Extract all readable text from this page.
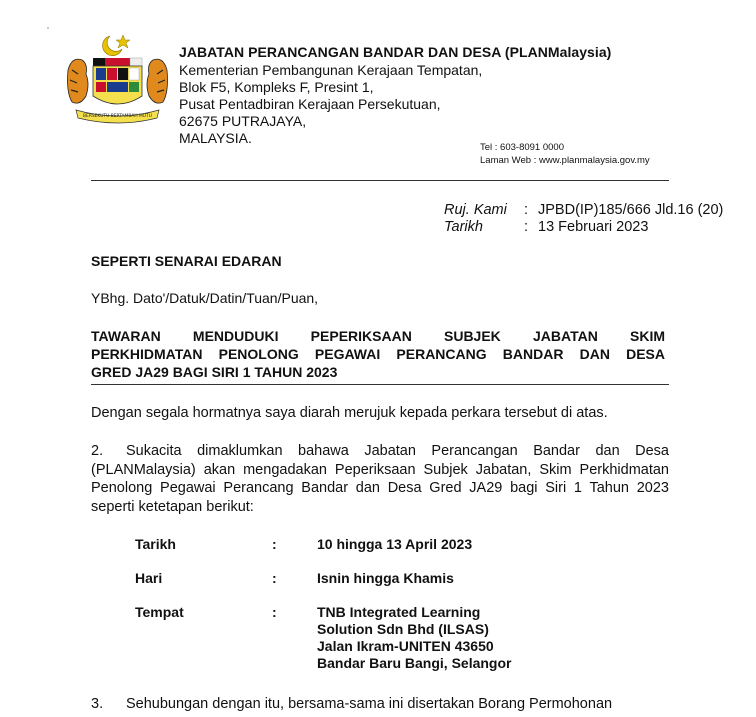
BERSEKUTU BERTAMBAH MUTU
JABATAN PERANCANGAN BANDAR DAN DESA (PLANMalaysia)
Kementerian Pembangunan Kerajaan Tempatan,
Blok F5, Kompleks F, Presint 1,
Pusat Pentadbiran Kerajaan Persekutuan,
62675 PUTRAJAYA,
MALAYSIA.
Tel : 603-8091 0000
Laman Web : www.planmalaysia.gov.my
Ruj. Kami	: JPBD(IP)185/666 Jld.16 (20)
Tarikh	: 13 Februari 2023
SEPERTI SENARAI EDARAN
YBhg. Dato'/Datuk/Datin/Tuan/Puan,
TAWARAN MENDUDUKI PEPERIKSAAN SUBJEK JABATAN SKIM
PERKHIDMATAN PENOLONG PEGAWAI PERANCANG BANDAR DAN DESA
GRED JA29 BAGI SIRI 1 TAHUN 2023
Dengan segala hormatnya saya diarah merujuk kepada perkara tersebut di atas.
2. Sukacita dimaklumkan bahawa Jabatan Perancangan Bandar dan Desa (PLANMalaysia) akan mengadakan Peperiksaan Subjek Jabatan, Skim Perkhidmatan Penolong Pegawai Perancang Bandar dan Desa Gred JA29 bagi Siri 1 Tahun 2023 seperti ketetapan berikut:
Tarikh	:	10 hingga 13 April 2023
Hari	:	Isnin hingga Khamis
Tempat	:	TNB Integrated Learning
Solution Sdn Bhd (ILSAS)
Jalan Ikram-UNITEN 43650
Bandar Baru Bangi, Selangor
3. Sehubungan dengan itu, bersama-sama ini disertakan Borang Permohonan
